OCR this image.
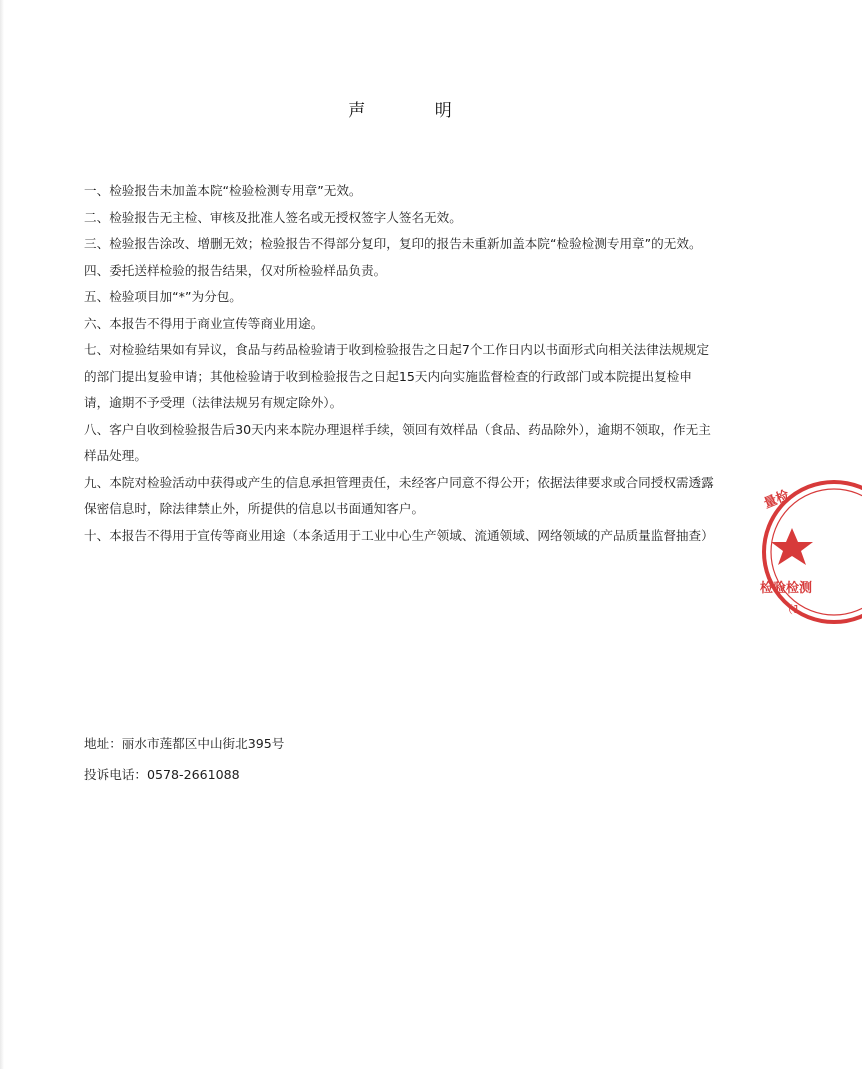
声 明
一、检验报告未加盖本院“检验检测专用章”无效。
二、检验报告无主检、审核及批准人签名或无授权签字人签名无效。
三、检验报告涂改、增删无效；检验报告不得部分复印，复印的报告未重新加盖本院“检验检测专用章”的无效。
四、委托送样检验的报告结果，仅对所检验样品负责。
五、检验项目加“*”为分包。
六、本报告不得用于商业宣传等商业用途。
七、对检验结果如有异议，食品与药品检验请于收到检验报告之日起7个工作日内以书面形式向相关法律法规规定的部门提出复验申请；其他检验请于收到检验报告之日起15天内向实施监督检查的行政部门或本院提出复检申请，逾期不予受理（法律法规另有规定除外）。
八、客户自收到检验报告后30天内来本院办理退样手续，领回有效样品（食品、药品除外），逾期不领取，作无主样品处理。
九、本院对检验活动中获得或产生的信息承担管理责任，未经客户同意不得公开；依据法律要求或合同授权需透露保密信息时，除法律禁止外，所提供的信息以书面通知客户。
十、本报告不得用于宣传等商业用途（本条适用于工业中心生产领域、流通领域、网络领域的产品质量监督抽查）
地址：丽水市莲都区中山街北395号
投诉电话：0578-2661088
量检
检验检测
（1
